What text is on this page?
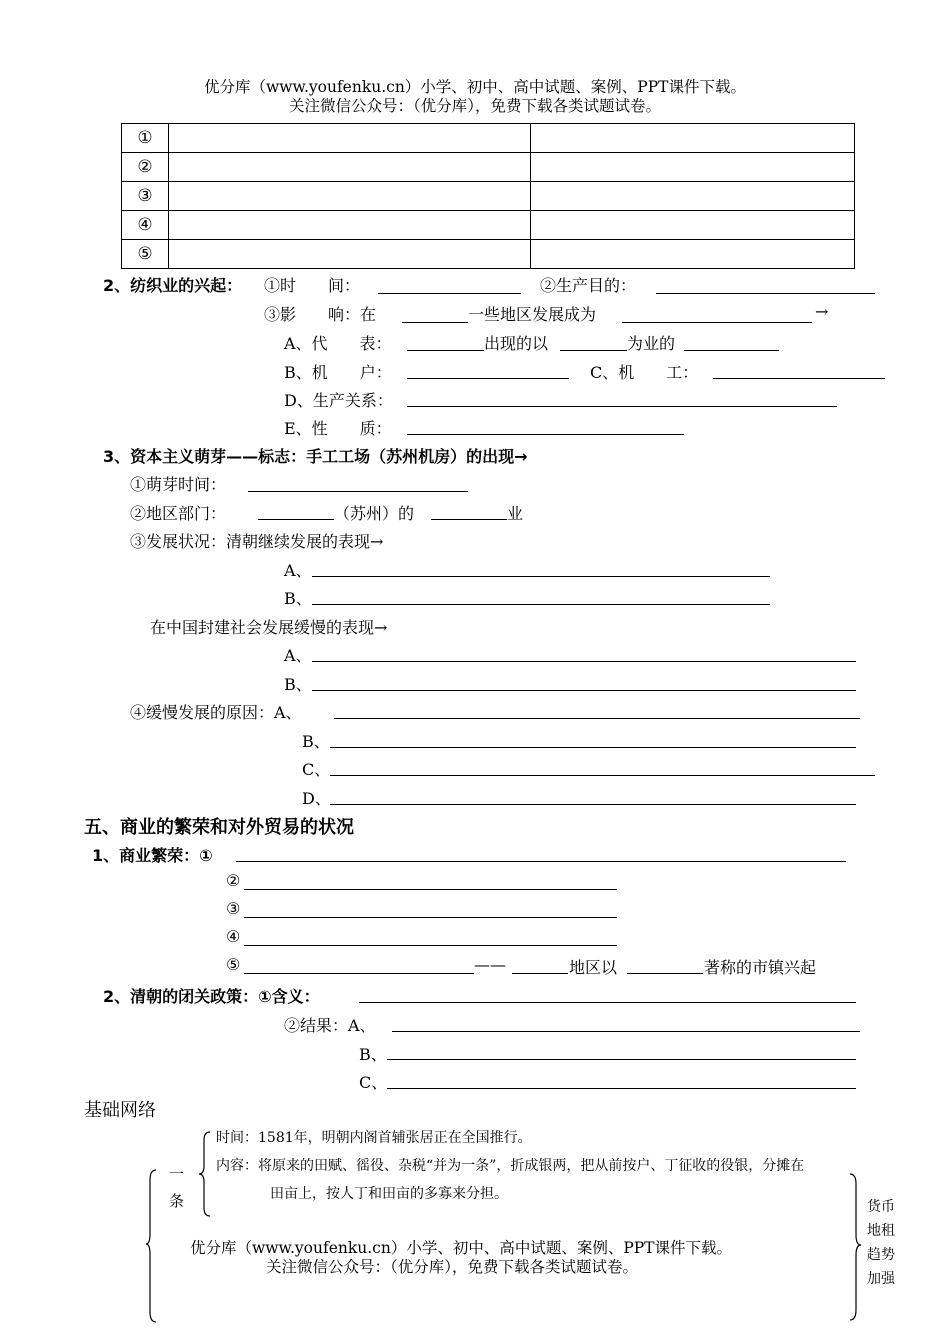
优分库（www.youfenku.cn）小学、初中、高中试题、案例、PPT课件下载。
关注微信公众号：（优分库），免费下载各类试题试卷。
①		
②		
③		
④		
⑤		
2、纺织业的兴起： ①时　　间：	②生产目的：
③影　　响：在	一些地区发展成为	→
A、代　　表：	出现的以	为业的
B、机　　户：	C、机　　工：
D、生产关系：
E、性　　质：
3、资本主义萌芽——标志：手工工场（苏州机房）的出现→
①萌芽时间：
②地区部门：	（苏州）的	业
③发展状况：清朝继续发展的表现→
A、
B、
在中国封建社会发展缓慢的表现→
A、
B、
④缓慢发展的原因：A、
B、
C、
D、
五、商业的繁荣和对外贸易的状况
1、商业繁荣：①
②
③
④
⑤	——	地区以	著称的市镇兴起
2、清朝的闭关政策：①含义：
②结果：A、
B、
C、
基础网络
一
条
时间：1581年，明朝内阁首辅张居正在全国推行。
内容：将原来的田赋、徭役、杂税“并为一条”，折成银两，把从前按户、丁征收的役银，分摊在
田亩上，按人丁和田亩的多寡来分担。
货币
地租
趋势
加强
优分库（www.youfenku.cn）小学、初中、高中试题、案例、PPT课件下载。
关注微信公众号：（优分库），免费下载各类试题试卷。
